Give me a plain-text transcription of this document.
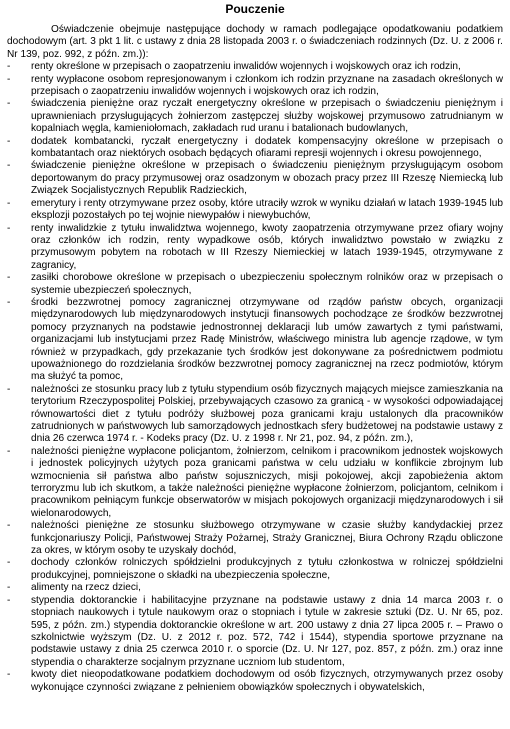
Pouczenie

Oświadczenie obejmuje następujące dochody w ramach podlegające opodatkowaniu podatkiem dochodowym (art. 3 pkt 1 lit. c ustawy z dnia 28 listopada 2003 r. o świadczeniach rodzinnych (Dz. U. z 2006 r. Nr 139, poz. 992, z późn. zm.)):

- renty określone w przepisach o zaopatrzeniu inwalidów wojennych i wojskowych oraz ich rodzin,
- renty wypłacone osobom represjonowanym i członkom ich rodzin przyznane na zasadach określonych w przepisach o zaopatrzeniu inwalidów wojennych i wojskowych oraz ich rodzin,
- świadczenia pieniężne oraz ryczałt energetyczny określone w przepisach o świadczeniu pieniężnym i uprawnieniach przysługujących żołnierzom zastępczej służby wojskowej przymusowo zatrudnianym w kopalniach węgla, kamieniołomach, zakładach rud uranu i batalionach budowlanych,
- dodatek kombatancki, ryczałt energetyczny i dodatek kompensacyjny określone w przepisach o kombatantach oraz niektórych osobach będących ofiarami represji wojennych i okresu powojennego,
- świadczenie pieniężne określone w przepisach o świadczeniu pieniężnym przysługującym osobom deportowanym do pracy przymusowej oraz osadzonym w obozach pracy przez III Rzeszę Niemiecką lub Związek Socjalistycznych Republik Radzieckich,
- emerytury i renty otrzymywane przez osoby, które utraciły wzrok w wyniku działań w latach 1939-1945 lub eksplozji pozostałych po tej wojnie niewypałów i niewybuchów,
- renty inwalidzkie z tytułu inwalidztwa wojennego, kwoty zaopatrzenia otrzymywane przez ofiary wojny oraz członków ich rodzin, renty wypadkowe osób, których inwalidztwo powstało w związku z przymusowym pobytem na robotach w III Rzeszy Niemieckiej w latach 1939-1945, otrzymywane z zagranicy,
- zasiłki chorobowe określone w przepisach o ubezpieczeniu społecznym rolników oraz w przepisach o systemie ubezpieczeń społecznych,
- środki bezzwrotnej pomocy zagranicznej otrzymywane od rządów państw obcych, organizacji międzynarodowych lub międzynarodowych instytucji finansowych pochodzące ze środków bezzwrotnej pomocy przyznanych na podstawie jednostronnej deklaracji lub umów zawartych z tymi państwami, organizacjami lub instytucjami przez Radę Ministrów, właściwego ministra lub agencje rządowe, w tym również w przypadkach, gdy przekazanie tych środków jest dokonywane za pośrednictwem podmiotu upoważnionego do rozdzielania środków bezzwrotnej pomocy zagranicznej na rzecz podmiotów, którym ma służyć ta pomoc,
- należności ze stosunku pracy lub z tytułu stypendium osób fizycznych mających miejsce zamieszkania na terytorium Rzeczypospolitej Polskiej, przebywających czasowo za granicą - w wysokości odpowiadającej równowartości diet z tytułu podróży służbowej poza granicami kraju ustalonych dla pracowników zatrudnionych w państwowych lub samorządowych jednostkach sfery budżetowej na podstawie ustawy z dnia 26 czerwca 1974 r. - Kodeks pracy (Dz. U. z 1998 r. Nr 21, poz. 94, z późn. zm.),
- należności pieniężne wypłacone policjantom, żołnierzom, celnikom i pracownikom jednostek wojskowych i jednostek policyjnych użytych poza granicami państwa w celu udziału w konflikcie zbrojnym lub wzmocnienia sił państwa albo państw sojuszniczych, misji pokojowej, akcji zapobieżenia aktom terroryzmu lub ich skutkom, a także należności pieniężne wypłacone żołnierzom, policjantom, celnikom i pracownikom pełniącym funkcje obserwatorów w misjach pokojowych organizacji międzynarodowych i sił wielonarodowych,
- należności pieniężne ze stosunku służbowego otrzymywane w czasie służby kandydackiej przez funkcjonariuszy Policji, Państwowej Straży Pożarnej, Straży Granicznej, Biura Ochrony Rządu obliczone za okres, w którym osoby te uzyskały dochód,
- dochody członków rolniczych spółdzielni produkcyjnych z tytułu członkostwa w rolniczej spółdzielni produkcyjnej, pomniejszone o składki na ubezpieczenia społeczne,
- alimenty na rzecz dzieci,
- stypendia doktoranckie i habilitacyjne przyznane na podstawie ustawy z dnia 14 marca 2003 r. o stopniach naukowych i tytule naukowym oraz o stopniach i tytule w zakresie sztuki (Dz. U. Nr 65, poz. 595, z późn. zm.) stypendia doktoranckie określone w art. 200 ustawy z dnia 27 lipca 2005 r. – Prawo o szkolnictwie wyższym (Dz. U. z 2012 r. poz. 572, 742 i 1544), stypendia sportowe przyznane na podstawie ustawy z dnia 25 czerwca 2010 r. o sporcie (Dz. U. Nr 127, poz. 857, z późn. zm.) oraz inne stypendia o charakterze socjalnym przyznane uczniom lub studentom,
- kwoty diet nieopodatkowane podatkiem dochodowym od osób fizycznych, otrzymywanych przez osoby wykonujące czynności związane z pełnieniem obowiązków społecznych i obywatelskich,
